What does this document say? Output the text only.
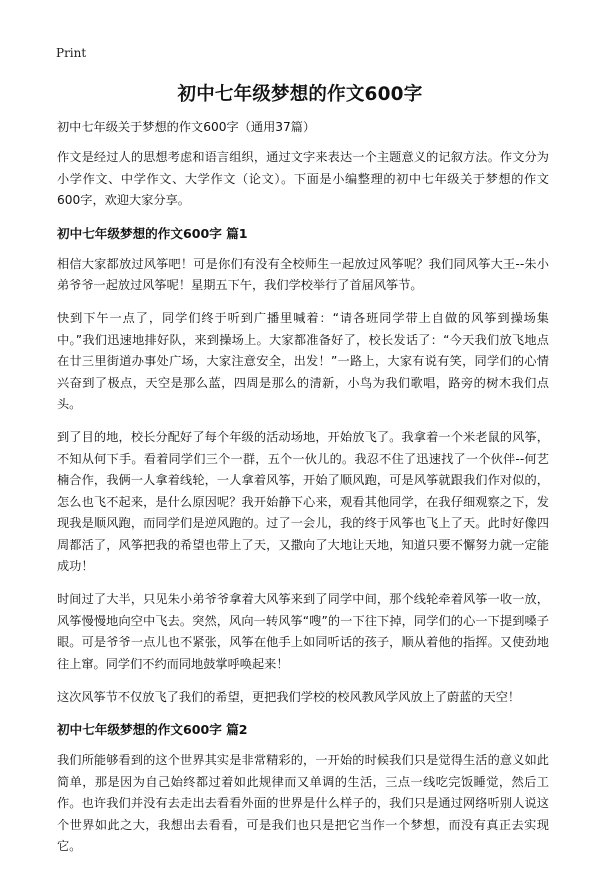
Print
初中七年级梦想的作文600字

初中七年级关于梦想的作文600字（通用37篇）

作文是经过人的思想考虑和语言组织，通过文字来表达一个主题意义的记叙方法。作文分为小学作文、中学作文、大学作文（论文）。下面是小编整理的初中七年级关于梦想的作文600字，欢迎大家分享。

初中七年级梦想的作文600字 篇1

相信大家都放过风筝吧！可是你们有没有全校师生一起放过风筝呢？我们同风筝大王--朱小弟爷爷一起放过风筝呢！星期五下午，我们学校举行了首届风筝节。

快到下午一点了，同学们终于听到广播里喊着：“请各班同学带上自做的风筝到操场集中。”我们迅速地排好队，来到操场上。大家都准备好了，校长发话了：“今天我们放飞地点在廿三里街道办事处广场，大家注意安全，出发！”一路上，大家有说有笑，同学们的心情兴奋到了极点，天空是那么蓝，四周是那么的清新，小鸟为我们歌唱，路旁的树木我们点头。

到了目的地，校长分配好了每个年级的活动场地，开始放飞了。我拿着一个米老鼠的风筝，不知从何下手。看着同学们三个一群，五个一伙儿的。我忍不住了迅速找了一个伙伴--何艺楠合作，我俩一人拿着线轮，一人拿着风筝，开始了顺风跑，可是风筝就跟我们作对似的，怎么也飞不起来，是什么原因呢？我开始静下心来，观看其他同学，在我仔细观察之下，发现我是顺风跑，而同学们是逆风跑的。过了一会儿，我的终于风筝也飞上了天。此时好像四周都活了，风筝把我的希望也带上了天，又撒向了大地让天地，知道只要不懈努力就一定能成功！

时间过了大半，只见朱小弟爷爷拿着大风筝来到了同学中间，那个线轮牵着风筝一收一放，风筝慢慢地向空中飞去。突然，风向一转风筝“嗖”的一下往下掉，同学们的心一下提到嗓子眼。可是爷爷一点儿也不紧张，风筝在他手上如同听话的孩子，顺从着他的指挥。又使劲地往上窜。同学们不约而同地鼓掌呼唤起来！

这次风筝节不仅放飞了我们的希望，更把我们学校的校风教风学风放上了蔚蓝的天空！

初中七年级梦想的作文600字 篇2

我们所能够看到的这个世界其实是非常精彩的，一开始的时候我们只是觉得生活的意义如此简单，那是因为自己始终都过着如此规律而又单调的生活，三点一线吃完饭睡觉，然后工作。也许我们并没有去走出去看看外面的世界是什么样子的，我们只是通过网络听别人说这个世界如此之大，我想出去看看，可是我们也只是把它当作一个梦想，而没有真正去实现它。
